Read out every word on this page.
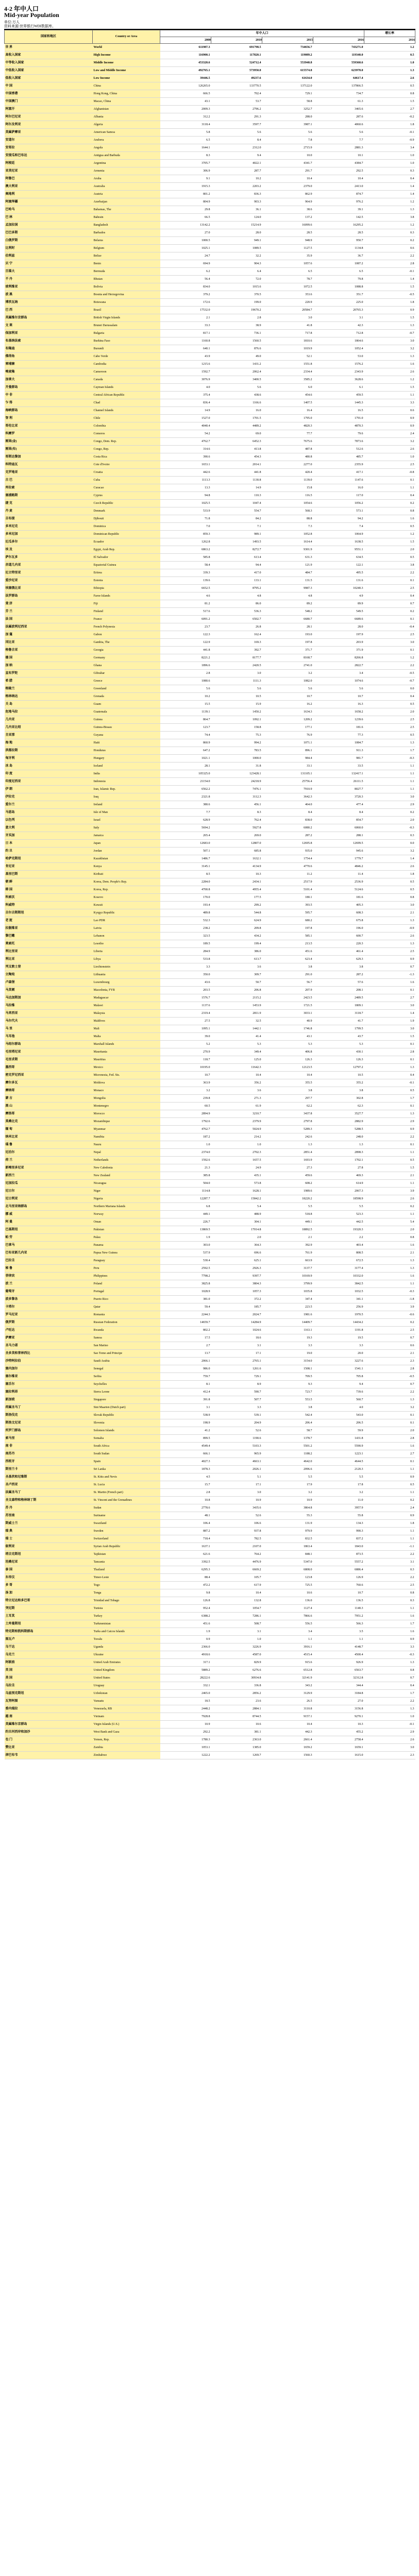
4-2 年中人口
Mid-year Population
单位:万人
资料来源:世界银行WDI数据库。
国家和地区	Country or Area	年中人口				增长率
		2000	2010	2015	2016	2016
世 界	World	611987.3	691798.5	734656.7	743271.0	1.2
高收入国家	High Income	116900.1	117820.1	119089.2	119340.0	0.5
中等收入国家	Middle Income	453320.6	524712.4	553940.8	559360.6	1.0
中低收入国家	Low and Middle Income	492765.1	573950.0	615574.8	623978.0	1.3
低收入国家	Low Income	39446.5	49237.6	61634.0	64617.4	2.6
中 国	China	126265.0	133770.5	137122.0	137866.5	0.5
中国香港	Hong Kong, China	666.5	702.4	729.1	734.7	0.8
中国澳门	Macao, China	43.1	53.7	58.8	61.3	1.5
阿富汗	Afghanistan	2009.3	2796.2	3252.7	3465.6	2.7
阿尔巴尼亚	Albania	312.2	291.3	288.0	287.6	-0.2
阿尔及利亚	Algeria	3118.4	3597.7	3987.1	4060.6	1.8
美属萨摩亚	American Samoa	5.8	5.6	5.6	5.6	-0.1
安道尔	Andorra	6.5	8.4	7.8	7.7	-0.9
安哥拉	Angola	1644.1	2312.0	2715.9	2881.3	3.4
安提瓜和巴布达	Antigua and Barbuda	8.3	9.4	10.0	10.1	1.0
阿根廷	Argentina	3705.7	4022.1	4341.7	4384.7	1.0
亚美尼亚	Armenia	306.9	287.7	291.7	292.5	0.3
阿鲁巴	Aruba	9.1	10.2	10.4	10.4	0.4
澳大利亚	Australia	1915.3	2203.2	2379.0	2413.0	1.4
奥地利	Austria	801.2	836.3	862.9	874.7	1.4
阿塞拜疆	Azerbaijan	804.9	903.3	964.9	976.2	1.2
巴哈马	Bahamas, The	29.8	36.1	38.6	39.1	1.3
巴 林	Bahrain	66.5	124.0	137.2	142.5	3.8
孟加拉国	Bangladesh	13142.2	15214.9	16099.6	16295.2	1.2
巴巴多斯	Barbados	27.0	28.0	28.5	28.5	0.3
白俄罗斯	Belarus	1000.5	949.1	948.9	950.7	0.2
比利时	Belgium	1025.1	1089.5	1127.5	1134.8	0.6
伯利兹	Belize	24.7	32.2	35.9	36.7	2.2
贝 宁	Benin	694.9	904.3	1057.6	1087.2	2.8
百慕大	Bermuda	6.2	6.4	6.5	6.5	-0.1
不 丹	Bhutan	56.4	72.0	78.7	79.8	1.4
玻利维亚	Bolivia	834.0	1015.6	1072.5	1088.8	1.5
波 黑	Bosnia and Herzegovina	379.2	370.5	353.6	351.7	-0.5
博茨瓦纳	Botswana	172.6	199.0	220.9	225.0	1.8
巴 西	Brazil	17532.0	19670.2	20584.7	20765.3	0.9
英属维尔京群岛	British Virgin Islands	2.1	2.8	3.0	3.1	1.5
文 莱	Brunei Darussalam	33.3	38.9	41.8	42.3	1.3
保加利亚	Bulgaria	817.1	736.1	717.8	712.8	-0.7
布基纳法索	Burkina Faso	1160.8	1560.5	1810.6	1864.6	3.0
布隆迪	Burundi	640.1	876.6	1019.9	1052.4	3.2
佛得角	Cabo Verde	43.9	49.0	52.1	53.0	1.3
柬埔寨	Cambodia	1215.6	1431.2	1551.8	1576.2	1.6
喀麦隆	Cameroon	1592.7	2062.4	2334.4	2343.9	2.6
加拿大	Canada	3076.9	3400.5	3585.2	3628.6	1.2
开曼群岛	Cayman Islands	4.0	5.6	6.0	6.1	1.5
中 非	Central African Republic	375.4	438.6	454.6	459.5	1.1
乍 得	Chad	836.4	1166.6	1407.5	1445.3	3.3
海峡群岛	Channel Islands	14.9	16.0	16.4	16.5	0.6
智 利	Chile	1527.0	1701.5	1795.0	1791.0	0.9
哥伦比亚	Colombia	4040.4	4489.2	4820.3	4870.3	0.9
科摩罗	Comoros	54.2	69.0	77.7	79.6	2.4
刚果(金)	Congo, Dem. Rep.	4762.7	6452.3	7675.6	7873.6	3.2
刚果(布)	Congo, Rep.	314.6	413.8	487.8	512.6	2.6
哥斯达黎加	Costa Rica	390.6	454.3	480.8	485.7	1.0
科特迪瓦	Cote d'Ivoire	1653.1	2014.1	2277.0	2355.9	2.5
克罗地亚	Croatia	442.6	441.8	420.4	417.1	-0.8
古 巴	Cuba	1113.3	1130.8	1139.0	1147.6	0.1
库拉索	Curacao	13.3	14.9	15.8	16.0	1.1
塞浦路斯	Cyprus	94.8	110.3	116.5	117.0	0.4
捷 克	Czech Republic	1025.5	1047.4	1054.6	1056.2	0.2
丹 麦	Denmark	533.9	554.7	568.3	573.1	0.8
吉布提	Djibouti	71.8	84.2	88.8	94.2	1.6
多米尼克	Dominica	7.0	7.1	7.3	7.4	0.5
多米尼加	Dominican Republic	859.3	989.1	1052.8	1064.9	1.2
厄瓜多尔	Ecuador	1262.8	1493.5	1614.4	1638.5	1.5
埃 及	Egypt, Arab Rep.	6863.2	8272.7	9301.9	9551.1	2.0
萨尔瓦多	El Salvador	585.8	613.4	631.3	634.5	0.5
赤道几内亚	Equatorial Guinea	58.4	94.4	121.9	122.1	3.8
厄立特里亚	Eritrea	339.3	417.0	484.7	495.5	2.2
爱沙尼亚	Estonia	139.6	133.1	131.5	131.6	0.1
埃塞俄比亚	Ethiopia	6652.5	8795.2	9987.3	10240.3	2.5
法罗群岛	Faroe Islands	4.6	4.8	4.8	4.9	0.4
斐 济	Fiji	81.2	86.0	89.2	89.9	0.7
芬 兰	Finland	517.6	536.3	548.2	549.5	0.2
法 国	France	6091.2	6502.7	6680.7	6689.6	0.1
法属波利尼西亚	French Polynesia	23.7	26.8	28.1	28.0	-0.4
加 蓬	Gabon	122.3	162.4	193.0	197.9	2.5
冈比亚	Gambia, The	122.9	169.3	197.8	203.9	3.0
格鲁吉亚	Georgia	441.8	392.7	371.7	371.9	0.1
德 国	Germany	8221.2	8177.7	8168.7	8266.8	1.2
加 纳	Ghana	1896.6	2420.5	2741.0	2822.7	2.2
直布罗陀	Gibraltar	2.8	3.0	3.2	3.4	-0.5
希 腊	Greece	1080.6	1111.3	1082.0	1074.6	-0.7
格陵兰	Greenland	5.6	5.6	5.6	5.6	0.0
格林纳达	Grenada	10.2	10.5	10.7	10.7	0.4
关 岛	Guam	15.5	15.9	16.2	16.3	0.5
危地马拉	Guatemala	1139.1	1450.2	1634.3	1658.2	2.0
几内亚	Guinea	864.7	1092.1	1209.2	1239.6	2.5
几内亚比绍	Guinea-Bissau	123.7	158.8	177.1	181.6	2.5
圭亚那	Guyana	74.4	75.3	76.9	77.3	0.5
海 地	Haiti	860.9	994.2	1071.1	1084.7	1.3
洪都拉斯	Honduras	647.2	783.5	896.1	911.3	1.7
匈牙利	Hungary	1021.1	1000.0	984.4	981.7	-0.3
冰 岛	Iceland	28.1	31.8	33.1	33.5	1.1
印 度	India	105325.0	123428.1	131105.1	132417.1	1.1
印度尼西亚	Indonesia	21154.0	24218.9	25756.4	26111.5	1.1
伊 朗	Iran, Islamic Rep.	6562.2	7476.1	7910.9	8027.7	1.1
伊拉克	Iraq	2321.8	3112.3	3642.3	3720.3	3.0
爱尔兰	Ireland	380.6	456.1	464.0	477.4	2.9
马恩岛	Isle of Man	7.7	8.3	8.4	8.4	0.2
以色列	Israel	628.9	762.4	838.0	854.7	2.0
意大利	Italy	5694.2	5927.8	6080.2	6060.0	-0.3
牙买加	Jamaica	265.4	269.0	287.2	288.1	0.3
日 本	Japan	12683.0	12807.0	12695.8	12699.5	0.0
约 旦	Jordan	507.1	685.8	935.0	945.6	3.2
哈萨克斯坦	Kazakhstan	1486.7	1632.1	1754.4	1779.7	1.4
肯尼亚	Kenya	3145.1	4134.9	4770.6	4846.2	2.6
基里巴斯	Kiribati	8.5	10.3	11.2	11.4	1.8
朝 鲜	Korea, Dem. People's Rep.	2284.0	2434.1	2517.9	2536.9	0.5
韩 国	Korea, Rep.	4700.8	4955.4	5101.4	5124.6	0.5
科索沃	Kosovo	170.0	177.5	180.1	181.6	0.8
科威特	Kuwait	193.4	299.2	393.5	405.3	3.0
吉尔吉斯斯坦	Kyrgyz Republic	489.8	544.8	595.7	608.3	2.1
老 挝	Lao PDR	532.3	624.9	680.2	675.8	1.3
拉脱维亚	Latvia	238.2	209.8	197.8	196.0	-0.9
黎巴嫩	Lebanon	323.5	434.2	585.1	600.7	2.6
莱索托	Lesotho	189.5	199.4	213.5	220.3	1.3
利比里亚	Liberia	284.9	386.0	451.6	461.4	2.5
利比亚	Libya	533.8	613.7	623.4	629.3	0.9
列支敦士登	Liechtenstein	3.3	3.6	3.8	3.8	0.7
立陶宛	Lithuania	350.0	309.7	291.0	287.2	-1.3
卢森堡	Luxembourg	43.6	50.7	56.7	57.6	1.6
马其顿	Macedonia, FYR	203.5	206.8	207.9	208.1	0.1
马达加斯加	Madagascar	1576.7	2115.2	2423.5	2489.5	2.7
马拉维	Malawi	1137.6	1453.9	1721.5	1809.1	3.0
马来西亚	Malaysia	2319.4	2811.9	3033.1	3118.7	1.4
马尔代夫	Maldives	27.5	32.5	40.9	41.7	1.9
马 里	Mali	1095.1	1442.1	1746.8	1799.5	3.0
马耳他	Malta	39.0	41.4	43.1	43.7	1.5
马绍尔群岛	Marshall Islands	5.2	5.3	5.3	5.3	0.1
毛里塔尼亚	Mauritania	270.9	349.4	406.8	430.1	2.8
毛里求斯	Mauritius	118.7	125.0	126.3	126.3	0.1
墨西哥	Mexico	10195.0	11642.3	12123.5	12797.2	1.3
密克罗尼西亚	Micronesia, Fed. Sts.	10.7	10.4	10.4	10.5	0.4
摩尔多瓦	Moldova	363.9	356.2	355.5	355.2	-0.1
摩纳哥	Monaco	3.2	3.6	3.8	3.8	0.5
蒙 古	Mongolia	239.8	271.3	297.7	302.8	1.7
黑 山	Montenegro	60.5	61.9	62.2	62.3	0.1
摩洛哥	Morocco	2894.9	3210.7	3437.8	3527.7	1.3
莫桑比克	Mozambique	1792.6	2379.9	2797.8	2882.9	2.9
缅 甸	Myanmar	4762.7	5024.9	5289.3	5288.5	0.9
纳米比亚	Namibia	187.2	214.2	242.6	248.0	2.2
瑙 鲁	Nauru	1.0	1.0	1.3	1.3	0.1
尼泊尔	Nepal	2374.0	2702.3	2851.4	2898.3	1.1
荷 兰	Netherlands	1592.6	1657.5	1693.9	1702.1	0.5
新喀里多尼亚	New Caledonia	21.3	24.9	27.3	27.8	1.5
新西兰	New Zealand	385.8	435.1	459.6	469.3	2.1
尼加拉瓜	Nicaragua	504.0	573.8	608.2	614.9	1.1
尼日尔	Niger	1114.8	1628.1	1989.6	2067.3	3.9
尼日利亚	Nigeria	12287.7	15842.2	18220.2	18598.9	2.6
北马里亚纳群岛	Northern Mariana Islands	6.8	5.4	5.5	5.5	0.2
挪 威	Norway	449.1	488.9	518.8	523.3	1.1
阿 曼	Oman	226.7	304.1	449.1	442.5	5.4
巴基斯坦	Pakistan	13869.5	17014.8	18892.5	19320.3	2.0
帕 劳	Palau	1.9	2.0	2.1	2.2	0.8
巴拿马	Panama	303.0	364.3	392.9	403.4	1.6
巴布亚新几内亚	Papua New Guinea	537.9	696.6	761.9	808.5	2.1
巴拉圭	Paraguay	530.4	625.1	663.9	672.5	1.3
秘 鲁	Peru	2592.5	2926.3	3137.7	3177.4	1.3
菲律宾	Philippines	7798.2	9397.7	10169.9	10332.0	1.6
波 兰	Poland	3825.8	3804.3	3799.9	3842.5	1.1
葡萄牙	Portugal	1028.9	1057.3	1035.8	1032.5	-0.3
波多黎各	Puerto Rico	381.0	372.2	347.4	341.1	-1.8
卡塔尔	Qatar	59.4	185.7	223.5	256.9	3.9
罗马尼亚	Romania	2244.3	2024.7	1981.6	1970.5	-0.6
俄罗斯	Russian Federation	14659.7	14284.9	14409.7	14434.2	0.2
卢旺达	Rwanda	802.2	1024.6	1163.1	1191.8	2.5
萨摩亚	Samoa	17.5	18.6	19.3	19.5	0.7
圣马力诺	San Marino	2.7	3.1	3.3	3.3	0.6
圣多美和普林西比	Sao Tome and Principe	13.7	17.1	19.0	20.0	2.1
沙特阿拉伯	Saudi Arabia	2066.1	2765.1	3154.0	3227.6	2.3
塞内加尔	Senegal	986.0	1261.6	1508.1	1541.1	2.8
塞尔维亚	Serbia	759.7	729.1	709.5	705.8	-0.5
塞舌尔	Seychelles	8.1	8.9	9.3	9.4	0.7
塞拉利昂	Sierra Leone	412.4	590.7	723.7	739.6	2.2
新加坡	Singapore	391.8	507.7	553.5	560.7	1.3
荷属圣马丁	Sint Maarten (Dutch part)	3.1	3.3	3.8	4.0	3.2
斯洛伐克	Slovak Republic	538.9	539.1	542.4	543.0	0.1
斯洛文尼亚	Slovenia	198.9	204.9	206.4	206.5	0.1
所罗门群岛	Solomon Islands	41.2	52.6	58.7	59.9	2.0
索马里	Somalia	899.5	1190.6	1378.7	1431.8	2.8
南 非	South Africa	4549.4	5103.3	5501.2	5590.9	1.6
南苏丹	South Sudan	666.1	965.9	1188.2	1223.1	2.7
西班牙	Spain	4027.3	4663.1	4642.0	4644.5	0.1
斯里兰卡	Sri Lanka	1878.3	2026.1	2096.6	2120.3	1.1
圣基茨和尼维斯	St. Kitts and Nevis	4.5	5.1	5.5	5.5	0.9
圣卢西亚	St. Lucia	15.7	17.1	17.9	17.8	0.5
法属圣马丁	St. Martin (French part)	2.8	3.0	3.2	3.2	1.1
圣文森特和格林纳丁斯	St. Vincent and the Grenadines	10.8	10.9	10.9	11.0	0.2
苏 丹	Sudan	2778.6	3435.6	3864.8	3957.9	2.4
苏里南	Suriname	48.1	52.6	55.3	55.8	0.9
斯威士兰	Swaziland	106.4	106.6	131.9	134.3	1.8
瑞 典	Sweden	887.2	937.8	979.9	990.3	1.1
瑞 士	Switzerland	718.4	782.5	832.5	837.2	1.1
叙利亚	Syrian Arab Republic	1637.1	2107.0	1863.4	1843.0	-1.1
塔吉克斯坦	Tajikistan	621.6	764.2	848.1	873.5	2.2
坦桑尼亚	Tanzania	3392.5	4476.9	5347.0	5557.2	3.1
泰 国	Thailand	6295.3	6669.2	6808.0	6886.4	0.3
东帝汶	Timor-Leste	88.4	105.7	123.8	126.9	2.2
多 哥	Togo	472.2	617.9	725.5	760.6	2.5
汤 加	Tonga	9.8	10.4	10.6	10.7	0.8
特立尼达和多巴哥	Trinidad and Tobago	126.8	132.8	136.0	136.5	0.3
突尼斯	Tunisia	952.4	1054.7	1127.4	1140.3	1.1
土耳其	Turkey	6388.2	7286.1	7866.6	7951.2	1.6
土库曼斯坦	Turkmenistan	451.6	508.7	556.5	566.3	1.7
特克斯和凯科斯群岛	Turks and Caicos Islands	1.9	3.1	3.4	3.5	1.6
图瓦卢	Tuvalu	0.9	1.0	1.1	1.1	0.9
乌干达	Uganda	2366.0	3226.9	3916.1	4148.7	3.3
乌克兰	Ukraine	4918.6	4587.0	4515.4	4500.4	-0.3
阿联酋	United Arab Emirates	317.1	829.9	915.6	926.9	1.3
英 国	United Kingdom	5889.2	6276.6	6512.8	6563.7	0.8
美 国	United States	28222.6	30934.8	32141.9	32312.8	0.7
乌拉圭	Uruguay	332.1	336.8	343.2	344.4	0.4
乌兹别克斯坦	Uzbekistan	2465.0	2856.2	3129.9	3184.8	1.7
瓦努阿图	Vanuatu	18.5	23.6	26.5	27.0	2.2
委内瑞拉	Venezuela, RB	2448.2	2884.1	3110.8	3156.8	1.3
越 南	Vietnam	7928.8	8744.5	9157.1	9270.1	1.0
美属维尔京群岛	Virgin Islands (U.S.)	10.9	10.6	10.4	10.3	-0.1
约旦河西岸和加沙	West Bank and Gaza	292.2	381.1	442.3	455.2	2.9
也 门	Yemen, Rep.	1780.3	2363.0	2661.4	2758.4	2.6
赞比亚	Zambia	1053.1	1385.0	1659.2	1659.1	3.0
津巴布韦	Zimbabwe	1222.2	1269.7	1560.3	1615.0	2.3
